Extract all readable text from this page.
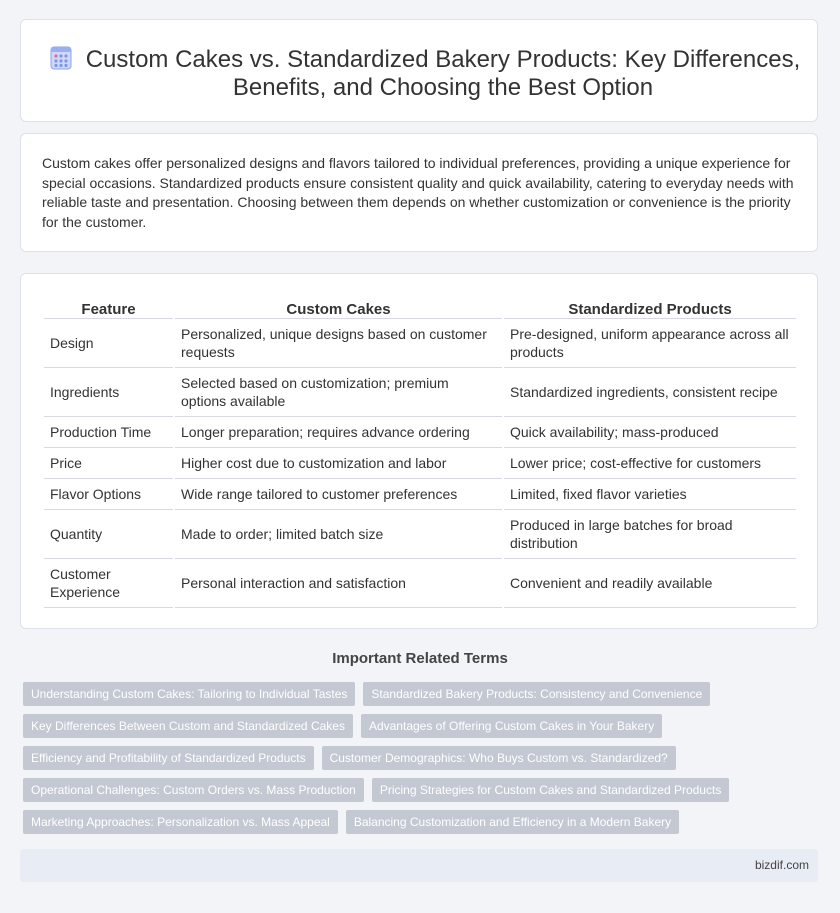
Custom Cakes vs. Standardized Bakery Products: Key Differences, Benefits, and Choosing the Best Option

Custom cakes offer personalized designs and flavors tailored to individual preferences, providing a unique experience for special occasions. Standardized products ensure consistent quality and quick availability, catering to everyday needs with reliable taste and presentation. Choosing between them depends on whether customization or convenience is the priority for the customer.

Feature	Custom Cakes	Standardized Products
Design	Personalized, unique designs based on customer requests	Pre-designed, uniform appearance across all products
Ingredients	Selected based on customization; premium options available	Standardized ingredients, consistent recipe
Production Time	Longer preparation; requires advance ordering	Quick availability; mass-produced
Price	Higher cost due to customization and labor	Lower price; cost-effective for customers
Flavor Options	Wide range tailored to customer preferences	Limited, fixed flavor varieties
Quantity	Made to order; limited batch size	Produced in large batches for broad distribution
Customer Experience	Personal interaction and satisfaction	Convenient and readily available
Important Related Terms
Understanding Custom Cakes: Tailoring to Individual Tastes	Standardized Bakery Products: Consistency and Convenience
Key Differences Between Custom and Standardized Cakes	Advantages of Offering Custom Cakes in Your Bakery
Efficiency and Profitability of Standardized Products	Customer Demographics: Who Buys Custom vs. Standardized?
Operational Challenges: Custom Orders vs. Mass Production	Pricing Strategies for Custom Cakes and Standardized Products
Marketing Approaches: Personalization vs. Mass Appeal	Balancing Customization and Efficiency in a Modern Bakery
bizdif.com
